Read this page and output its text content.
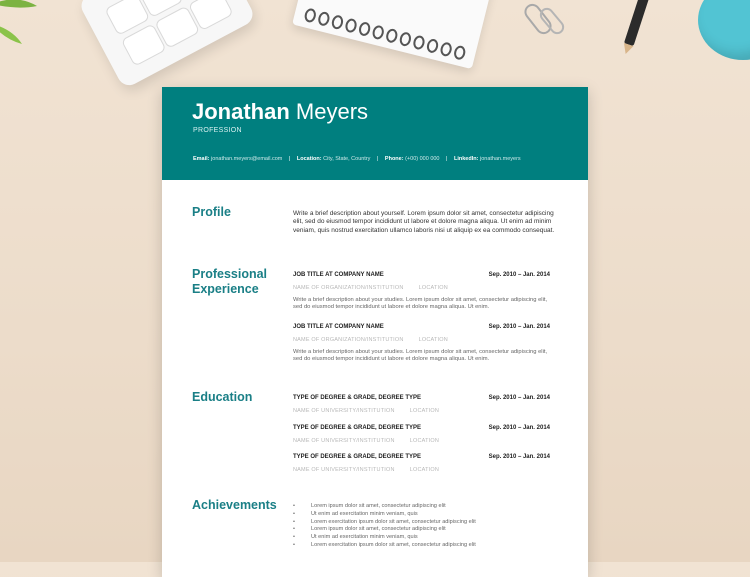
Jonathan Meyers
PROFESSION
Email: jonathan.meyers@email.com | Location: City, State, Country | Phone: (+00) 000 000 | LinkedIn: jonathan.meyers
Profile	Write a brief description about yourself. Lorem ipsum dolor sit amet, consectetur adipiscing elit, sed do eiusmod tempor incididunt ut labore et dolore magna aliqua. Ut enim ad minim veniam, quis nostrud exercitation ullamco laboris nisi ut aliquip ex ea commodo consequat.
Professional
Experience
JOB TITLE AT COMPANY NAME	Sep. 2010 – Jan. 2014
NAME OF ORGANIZATION/INSTITUTION | LOCATION
Write a brief description about your studies. Lorem ipsum dolor sit amet, consectetur adipiscing elit, sed do eiusmod tempor incididunt ut labore et dolore magna aliqua. Ut enim.
JOB TITLE AT COMPANY NAME	Sep. 2010 – Jan. 2014
NAME OF ORGANIZATION/INSTITUTION | LOCATION
Write a brief description about your studies. Lorem ipsum dolor sit amet, consectetur adipiscing elit, sed do eiusmod tempor incididunt ut labore et dolore magna aliqua. Ut enim.
Education	TYPE OF DEGREE & GRADE, DEGREE TYPE	Sep. 2010 – Jan. 2014
NAME OF UNIVERSITY/INSTITUTION | LOCATION
TYPE OF DEGREE & GRADE, DEGREE TYPE	Sep. 2010 – Jan. 2014
NAME OF UNIVERSITY/INSTITUTION | LOCATION
TYPE OF DEGREE & GRADE, DEGREE TYPE	Sep. 2010 – Jan. 2014
NAME OF UNIVERSITY/INSTITUTION | LOCATION
Achievements
•	Lorem ipsum dolor sit amet, consectetur adipiscing elit
• Ut enim ad exercitation minim veniam, quis
• Lorem exercitation ipsum dolor sit amet, consectetur adipiscing elit
• Lorem ipsum dolor sit amet, consectetur adipiscing elit
• Ut enim ad exercitation minim veniam, quis
• Lorem exercitation ipsum dolor sit amet, consectetur adipiscing elit
